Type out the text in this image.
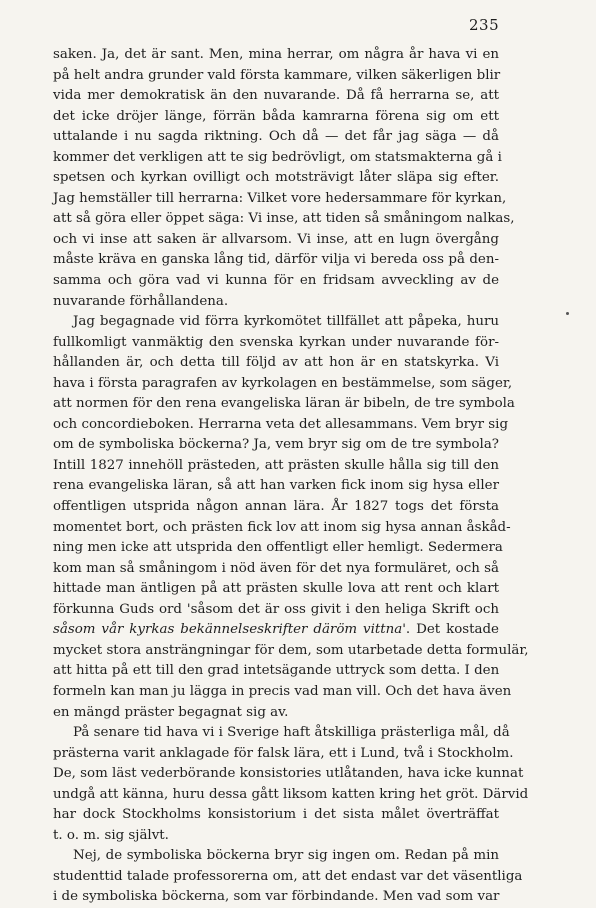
235
saken. Ja, det är sant. Men, mina herrar, om några år hava vi en
på helt andra grunder vald första kammare, vilken säkerligen blir
vida mer demokratisk än den nuvarande. Då få herrarna se, att
det icke dröjer länge, förrän båda kamrarna förena sig om ett
uttalande i nu sagda riktning. Och då — det får jag säga — då
kommer det verkligen att te sig bedrövligt, om statsmakterna gå i
spetsen och kyrkan ovilligt och motsträvigt låter släpa sig efter.
Jag hemställer till herrarna: Vilket vore hedersammare för kyrkan,
att så göra eller öppet säga: Vi inse, att tiden så småningom nalkas,
och vi inse att saken är allvarsom. Vi inse, att en lugn övergång
måste kräva en ganska lång tid, därför vilja vi bereda oss på den-
samma och göra vad vi kunna för en fridsam avveckling av de
nuvarande förhållandena.
Jag begagnade vid förra kyrkomötet tillfället att påpeka, huru
fullkomligt vanmäktig den svenska kyrkan under nuvarande för-
hållanden är, och detta till följd av att hon är en statskyrka. Vi
hava i första paragrafen av kyrkolagen en bestämmelse, som säger,
att normen för den rena evangeliska läran är bibeln, de tre symbola
och concordieboken. Herrarna veta det allesammans. Vem bryr sig
om de symboliska böckerna? Ja, vem bryr sig om de tre symbola?
Intill 1827 innehöll prästeden, att prästen skulle hålla sig till den
rena evangeliska läran, så att han varken fick inom sig hysa eller
offentligen utsprida någon annan lära. År 1827 togs det första
momentet bort, och prästen fick lov att inom sig hysa annan åskåd-
ning men icke att utsprida den offentligt eller hemligt. Sedermera
kom man så småningom i nöd även för det nya formuläret, och så
hittade man äntligen på att prästen skulle lova att rent och klart
förkunna Guds ord 'såsom det är oss givit i den heliga Skrift och
såsom vår kyrkas bekännelseskrifter däröm vittna'. Det kostade
mycket stora ansträngningar för dem, som utarbetade detta formulär,
att hitta på ett till den grad intetsägande uttryck som detta. I den
formeln kan man ju lägga in precis vad man vill. Och det hava även
en mängd präster begagnat sig av.
På senare tid hava vi i Sverige haft åtskilliga prästerliga mål, då
prästerna varit anklagade för falsk lära, ett i Lund, två i Stockholm.
De, som läst vederbörande konsistories utlåtanden, hava icke kunnat
undgå att känna, huru dessa gått liksom katten kring het gröt. Därvid
har dock Stockholms konsistorium i det sista målet överträffat
t. o. m. sig självt.
Nej, de symboliska böckerna bryr sig ingen om. Redan på min
studenttid talade professorerna om, att det endast var det väsentliga
i de symboliska böckerna, som var förbindande. Men vad som var
